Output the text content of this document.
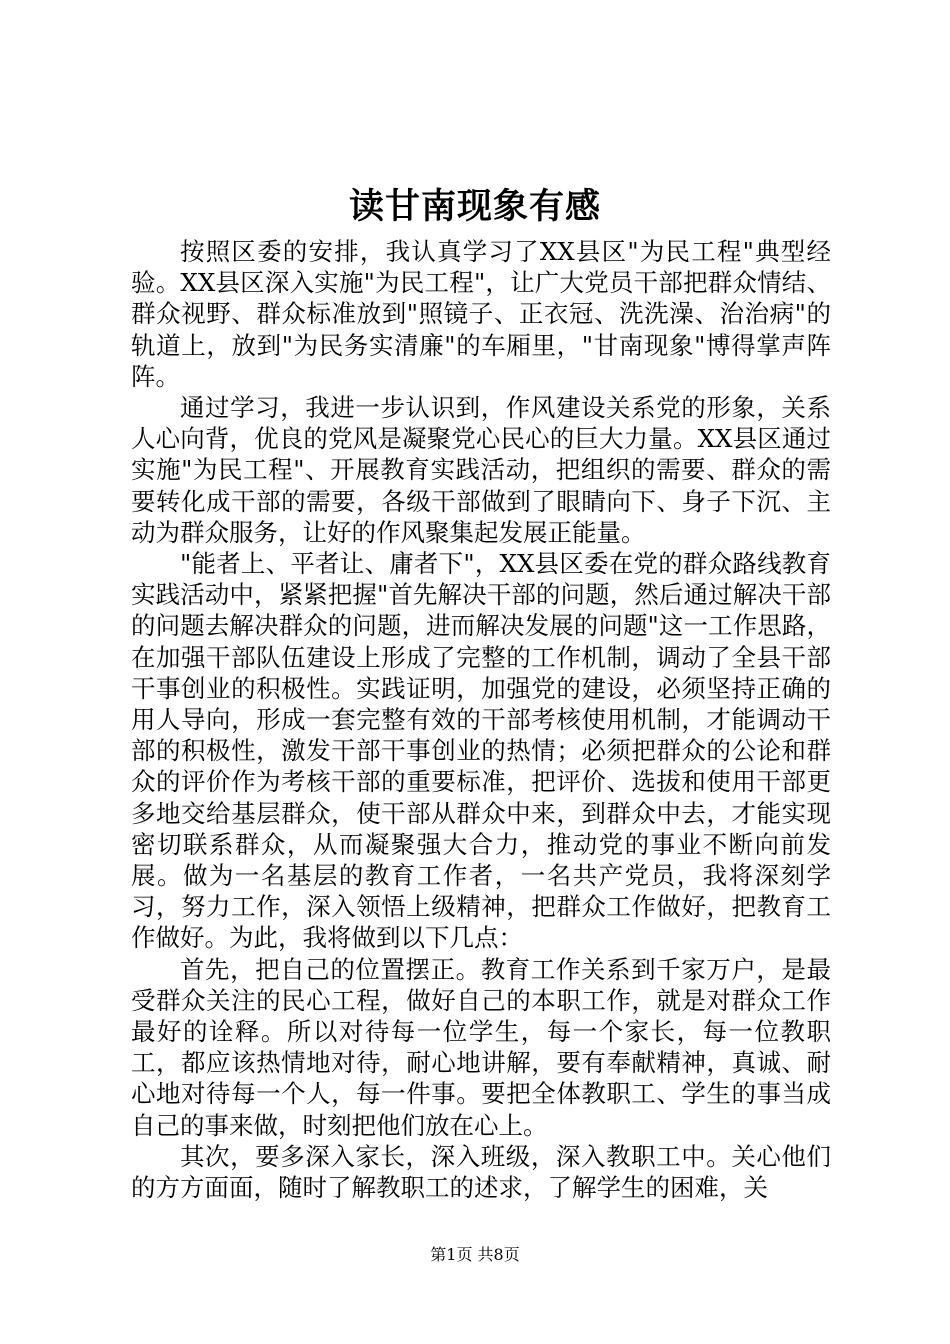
读甘南现象有感

按照区委的安排，我认真学习了XX县区"为民工程"典型经验。XX县区深入实施"为民工程"，让广大党员干部把群众情结、群众视野、群众标准放到"照镜子、正衣冠、洗洗澡、治治病"的轨道上，放到"为民务实清廉"的车厢里，"甘南现象"博得掌声阵阵。

通过学习，我进一步认识到，作风建设关系党的形象，关系人心向背，优良的党风是凝聚党心民心的巨大力量。XX县区通过实施"为民工程"、开展教育实践活动，把组织的需要、群众的需要转化成干部的需要，各级干部做到了眼睛向下、身子下沉、主动为群众服务，让好的作风聚集起发展正能量。

"能者上、平者让、庸者下"，XX县区委在党的群众路线教育实践活动中，紧紧把握"首先解决干部的问题，然后通过解决干部的问题去解决群众的问题，进而解决发展的问题"这一工作思路，在加强干部队伍建设上形成了完整的工作机制，调动了全县干部干事创业的积极性。实践证明，加强党的建设，必须坚持正确的用人导向，形成一套完整有效的干部考核使用机制，才能调动干部的积极性，激发干部干事创业的热情；必须把群众的公论和群众的评价作为考核干部的重要标准，把评价、选拔和使用干部更多地交给基层群众，使干部从群众中来，到群众中去，才能实现密切联系群众，从而凝聚强大合力，推动党的事业不断向前发展。做为一名基层的教育工作者，一名共产党员，我将深刻学习，努力工作，深入领悟上级精神，把群众工作做好，把教育工作做好。为此，我将做到以下几点：

首先，把自己的位置摆正。教育工作关系到千家万户，是最受群众关注的民心工程，做好自己的本职工作，就是对群众工作最好的诠释。所以对待每一位学生，每一个家长，每一位教职工，都应该热情地对待，耐心地讲解，要有奉献精神，真诚、耐心地对待每一个人，每一件事。要把全体教职工、学生的事当成自己的事来做，时刻把他们放在心上。

其次，要多深入家长，深入班级，深入教职工中。关心他们的方方面面，随时了解教职工的述求，了解学生的困难，关

第1页 共8页
